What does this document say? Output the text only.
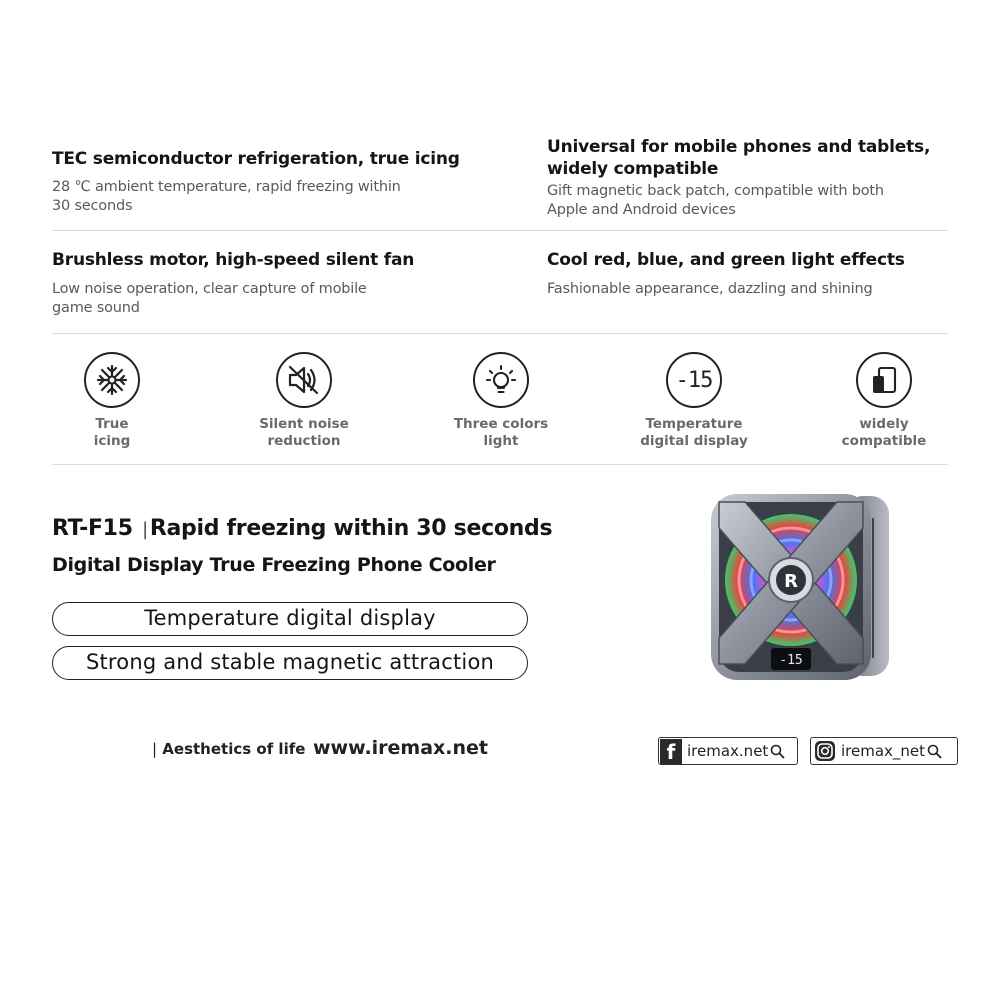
TEC semiconductor refrigeration, true icing
28 ℃ ambient temperature, rapid freezing within
30 seconds
Universal for mobile phones and tablets,
widely compatible
Gift magnetic back patch, compatible with both
Apple and Android devices
Brushless motor, high-speed silent fan
Low noise operation, clear capture of mobile
game sound
Cool red, blue, and green light effects
Fashionable appearance, dazzling and shining
True
icing
Silent noise
reduction
Three colors
light
-15
Temperature
digital display
widely
compatible
RT-F15 |Rapid freezing within 30 seconds
Digital Display True Freezing Phone Cooler
Temperature digital display
Strong and stable magnetic attraction
R
-15
| Aesthetics of life www.iremax.net	f iremax.net	iremax_net
